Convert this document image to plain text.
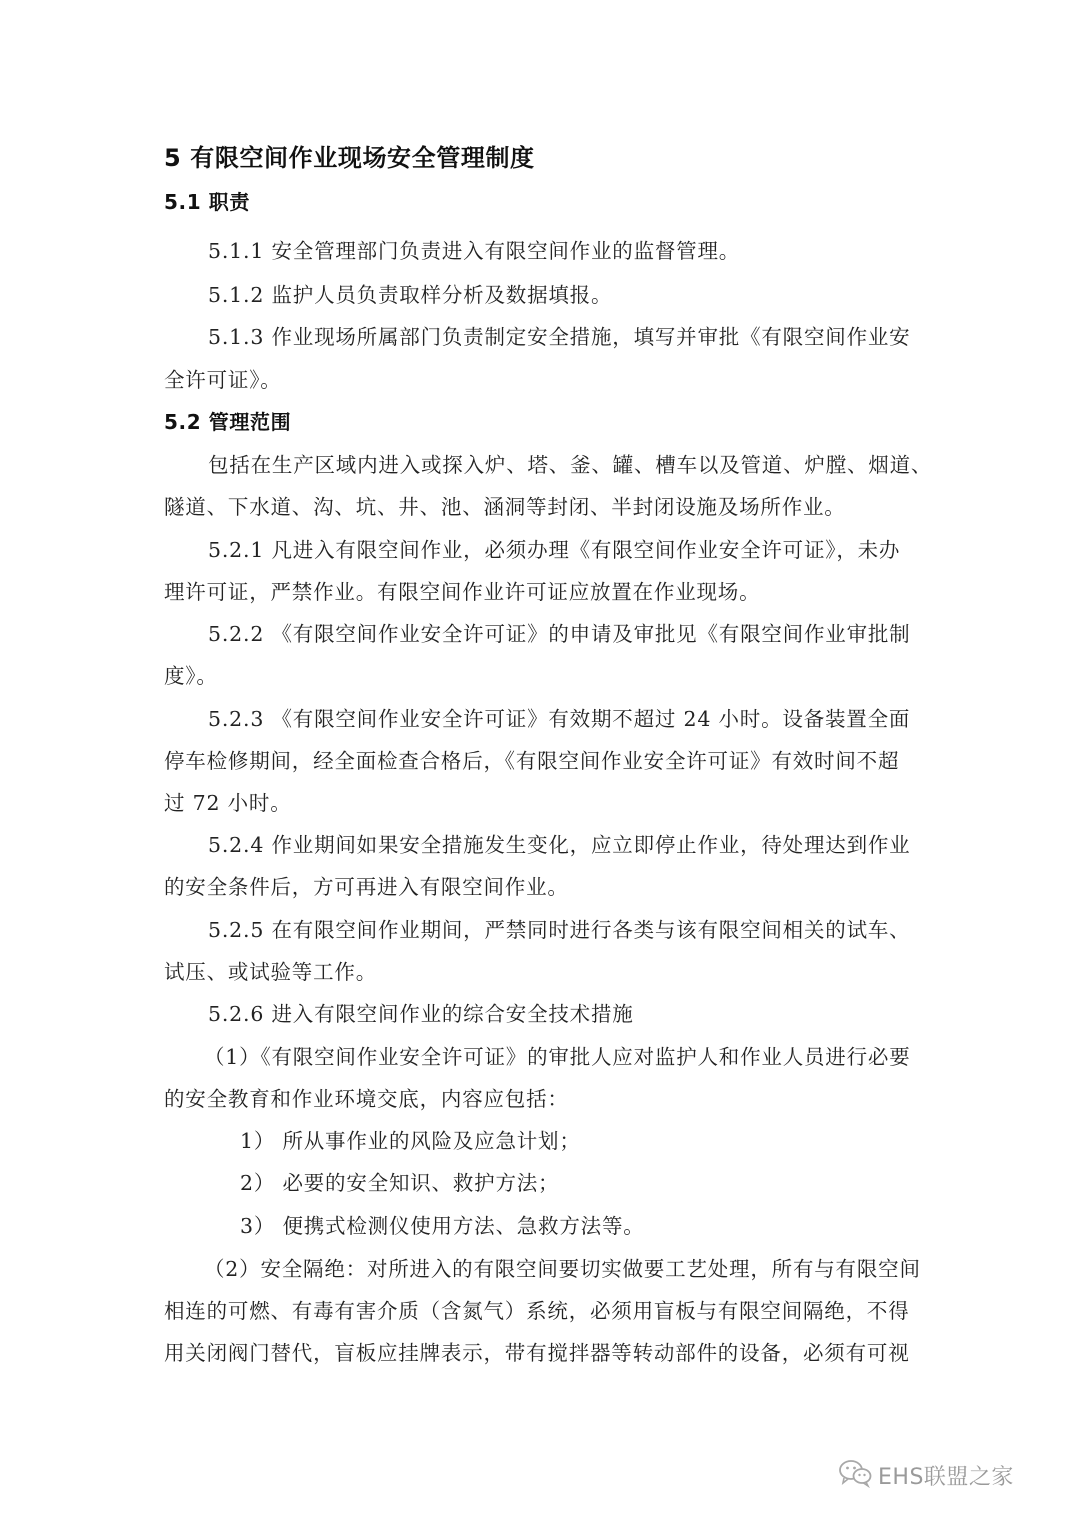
5 有限空间作业现场安全管理制度
5.1 职责
5.1.1 安全管理部门负责进入有限空间作业的监督管理。
5.1.2 监护人员负责取样分析及数据填报。
5.1.3 作业现场所属部门负责制定安全措施，填写并审批《有限空间作业安
全许可证》。
5.2 管理范围
包括在生产区域内进入或探入炉、塔、釜、罐、槽车以及管道、炉膛、烟道、
隧道、下水道、沟、坑、井、池、涵洞等封闭、半封闭设施及场所作业。
5.2.1 凡进入有限空间作业，必须办理《有限空间作业安全许可证》，未办
理许可证，严禁作业。有限空间作业许可证应放置在作业现场。
5.2.2 《有限空间作业安全许可证》的申请及审批见《有限空间作业审批制
度》。
5.2.3 《有限空间作业安全许可证》有效期不超过 24 小时。设备装置全面
停车检修期间，经全面检查合格后，《有限空间作业安全许可证》有效时间不超
过 72 小时。
5.2.4 作业期间如果安全措施发生变化，应立即停止作业，待处理达到作业
的安全条件后，方可再进入有限空间作业。
5.2.5 在有限空间作业期间，严禁同时进行各类与该有限空间相关的试车、
试压、或试验等工作。
5.2.6 进入有限空间作业的综合安全技术措施
（1）《有限空间作业安全许可证》的审批人应对监护人和作业人员进行必要
的安全教育和作业环境交底，内容应包括：
1） 所从事作业的风险及应急计划；
2） 必要的安全知识、救护方法；
3） 便携式检测仪使用方法、急救方法等。
（2）安全隔绝：对所进入的有限空间要切实做要工艺处理，所有与有限空间
相连的可燃、有毒有害介质（含氮气）系统，必须用盲板与有限空间隔绝，不得
用关闭阀门替代，盲板应挂牌表示，带有搅拌器等转动部件的设备，必须有可视
EHS联盟之家
